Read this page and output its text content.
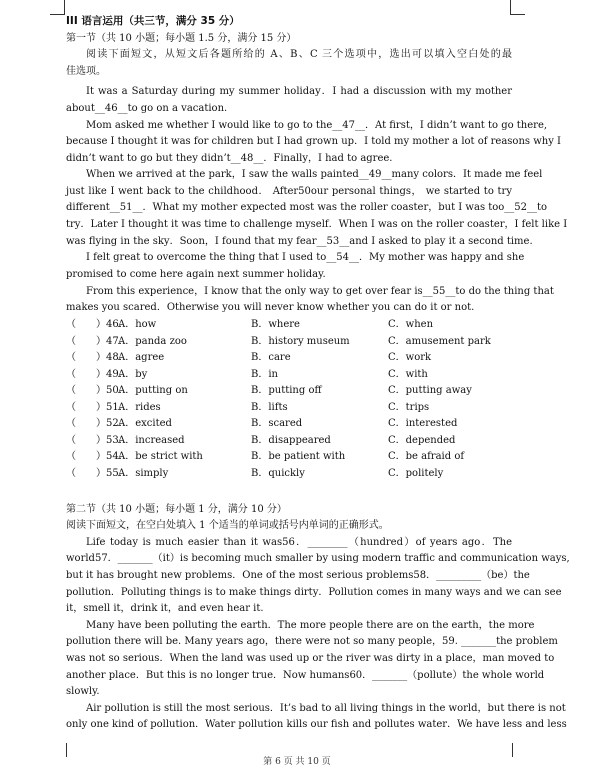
III 语言运用（共三节，满分 35 分）
第一节（共 10 小题；每小题 1.5 分，满分 15 分）
阅读下面短文，从短文后各题所给的 A、B、C 三个选项中，选出可以填入空白处的最
佳选项。
It was a Saturday during my summer holiday．I had a discussion with my mother
about__46__to go on a vacation.
Mom asked me whether I would like to go to the__47__．At first，I didn’t want to go there,
because I thought it was for children but I had grown up．I told my mother a lot of reasons why I
didn’t want to go but they didn’t__48__．Finally，I had to agree.
When we arrived at the park，I saw the walls painted__49__many colors．It made me feel
just like I went back to the childhood． After50our personal things， we started to try
different__51__．What my mother expected most was the roller coaster，but I was too__52__to
try．Later I thought it was time to challenge myself．When I was on the roller coaster，I felt like I
was flying in the sky．Soon，I found that my fear__53__and I asked to play it a second time.
I felt great to overcome the thing that I used to__54__．My mother was happy and she
promised to come here again next summer holiday.
From this experience，I know that the only way to get over fear is__55__to do the thing that
makes you scared．Otherwise you will never know whether you can do it or not.
（ ）46.
A．how	B．where	C．when
（ ）47.
A．panda zoo	B．history museum	C．amusement park
（ ）48.
A．agree	B．care	C．work
（ ）49.
A．by	B．in	C．with
（ ）50.
A．putting on	B．putting off	C．putting away
（ ）51.
A．rides	B．lifts	C．trips
（ ）52.
A．excited	B．scared	C．interested
（ ）53.
A．increased	B．disappeared	C．depended
（ ）54.
A．be strict with	B．be patient with	C．be afraid of
（ ）55.
A．simply	B．quickly	C．politely
第二节（共 10 小题；每小题 1 分，满分 10 分）
阅读下面短文，在空白处填入 1 个适当的单词或括号内单词的正确形式。
Life today is much easier than it was56．________（hundred）of years ago．The
world57．_______（it）is becoming much smaller by using modern traffic and communication ways,
but it has brought new problems．One of the most serious problems58．_________（be）the
pollution．Polluting things is to make things dirty．Pollution comes in many ways and we can see
it，smell it，drink it，and even hear it.
Many have been polluting the earth．The more people there are on the earth，the more
pollution there will be. Many years ago，there were not so many people，59. _______the problem
was not so serious．When the land was used up or the river was dirty in a place，man moved to
another place．But this is no longer true．Now humans60．_______（pollute）the whole world
slowly.
Air pollution is still the most serious．It’s bad to all living things in the world，but there is not
only one kind of pollution．Water pollution kills our fish and pollutes water．We have less and less
第 6 页 共 10 页
